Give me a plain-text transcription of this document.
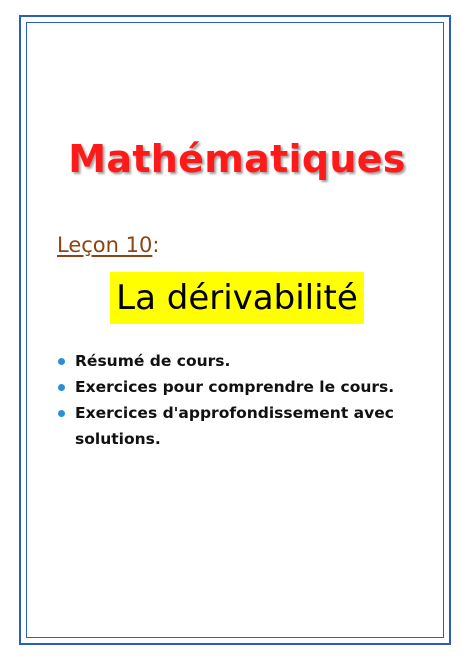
Mathématiques
Leçon 10:
La dérivabilité
Résumé de cours.
Exercices pour comprendre le cours.
Exercices d'approfondissement avec solutions.
